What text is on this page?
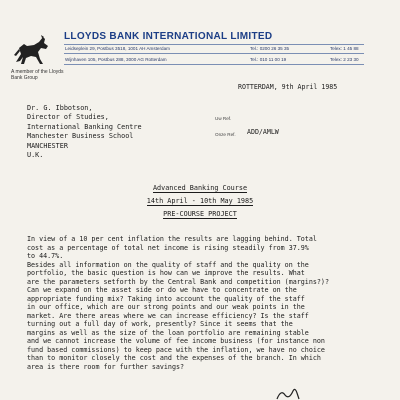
A member of the Lloyds Bank Group
LLOYDS BANK INTERNATIONAL LIMITED
Leidseplein 29, Postbus 3518, 1001 AH Amsterdam	Tel.: 0200 26 35 35	Telex: 1 45 88
Wijnhaven 105, Postbus 288, 3000 AG Rotterdam	Tel.: 010 11 00 19	Telex: 2 23 30
ROTTERDAM, 9th April 1985
Uw Ref.
Onze Ref. ADD/AMLW
Dr. G. Ibbotson,
Director of Studies,
International Banking Centre
Manchester Business School
MANCHESTER
U.K.
Advanced Banking Course
14th April - 10th May 1985
PRE-COURSE PROJECT
In view of a 10 per cent inflation the results are lagging behind. Total
cost as a percentage of total net income is rising steadily from 37.9%
to 44.7%.
Besides all information on the quality of staff and the quality on the
portfolio, the basic question is how can we improve the results. What
are the parameters setforth by the Central Bank and competition (margins?)?
Can we expand on the asset side or do we have to concentrate on the
appropriate funding mix? Taking into account the quality of the staff
in our office, which are our strong points and our weak points in the
market. Are there areas where we can increase efficiency? Is the staff
turning out a full day of work, presently? Since it seems that the
margins as well as the size of the loan portfolio are remaining stable
and we cannot increase the volume of fee income business (for instance non
fund based commissions) to keep pace with the inflation, we have no choice
than to monitor closely the cost and the expenses of the branch. In which
area is there room for further savings?
